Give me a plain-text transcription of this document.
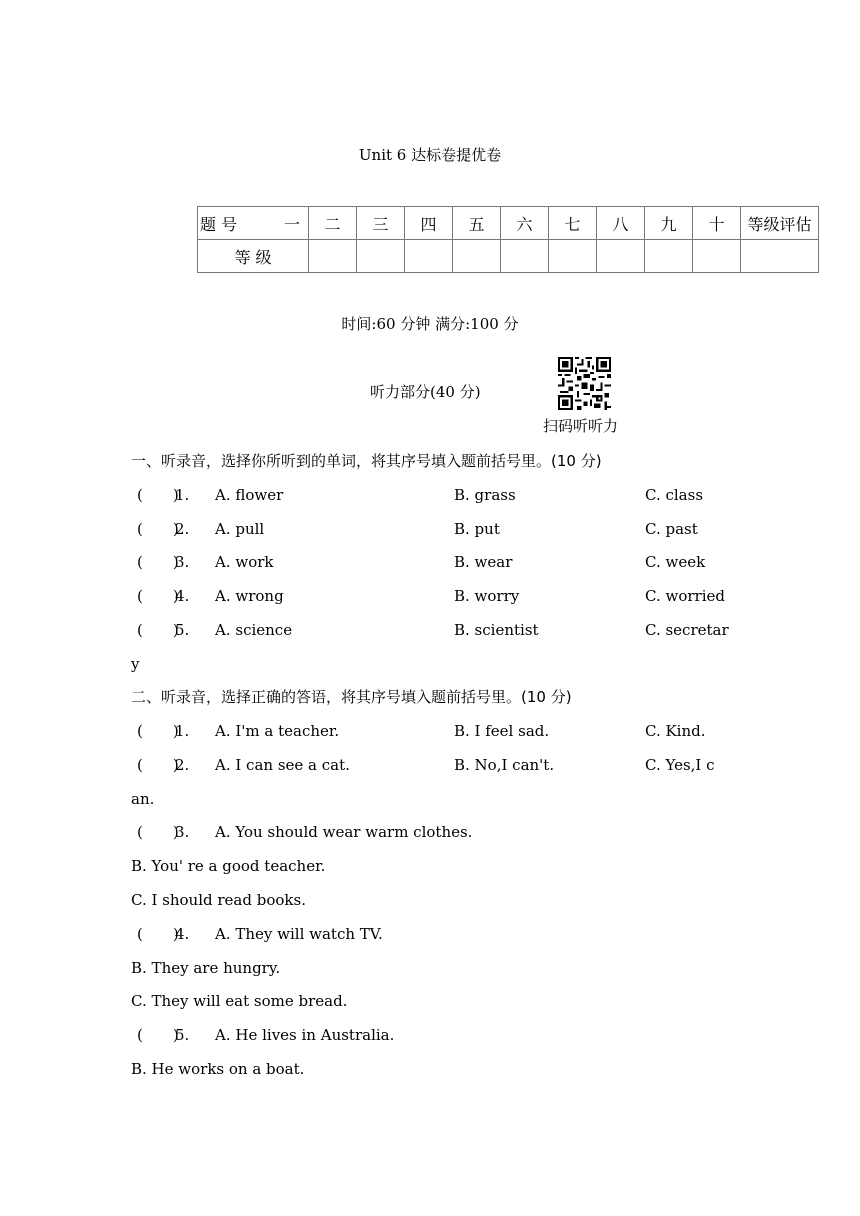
Unit 6 达标卷提优卷
题 号 一	二	三	四	五	六	七	八	九	十	等级评估
等 级										
时间:60 分钟 满分:100 分
听力部分(40 分)
扫码听听力
一、听录音，选择你所听到的单词，将其序号填入题前括号里。(10 分)
(　　)
1. A. flower	B. grass	C. class
(　　)
2. A. pull	B. put	C. past
(　　)
3. A. work	B. wear	C. week
(　　)
4. A. wrong	B. worry	C. worried
(　　)
5. A. science	B. scientist	C. secretar
y
二、听录音，选择正确的答语，将其序号填入题前括号里。(10 分)
(　　)
1. A. I'm a teacher.	B. I feel sad.	C. Kind.
(　　)
2. A. I can see a cat.	B. No,I can't.	C. Yes,I c
an.
(　　)
3. A. You should wear warm clothes.
B. You' re a good teacher.
C. I should read books.
(　　)
4. A. They will watch TV.
B. They are hungry.
C. They will eat some bread.
(　　)
5. A. He lives in Australia.
B. He works on a boat.
